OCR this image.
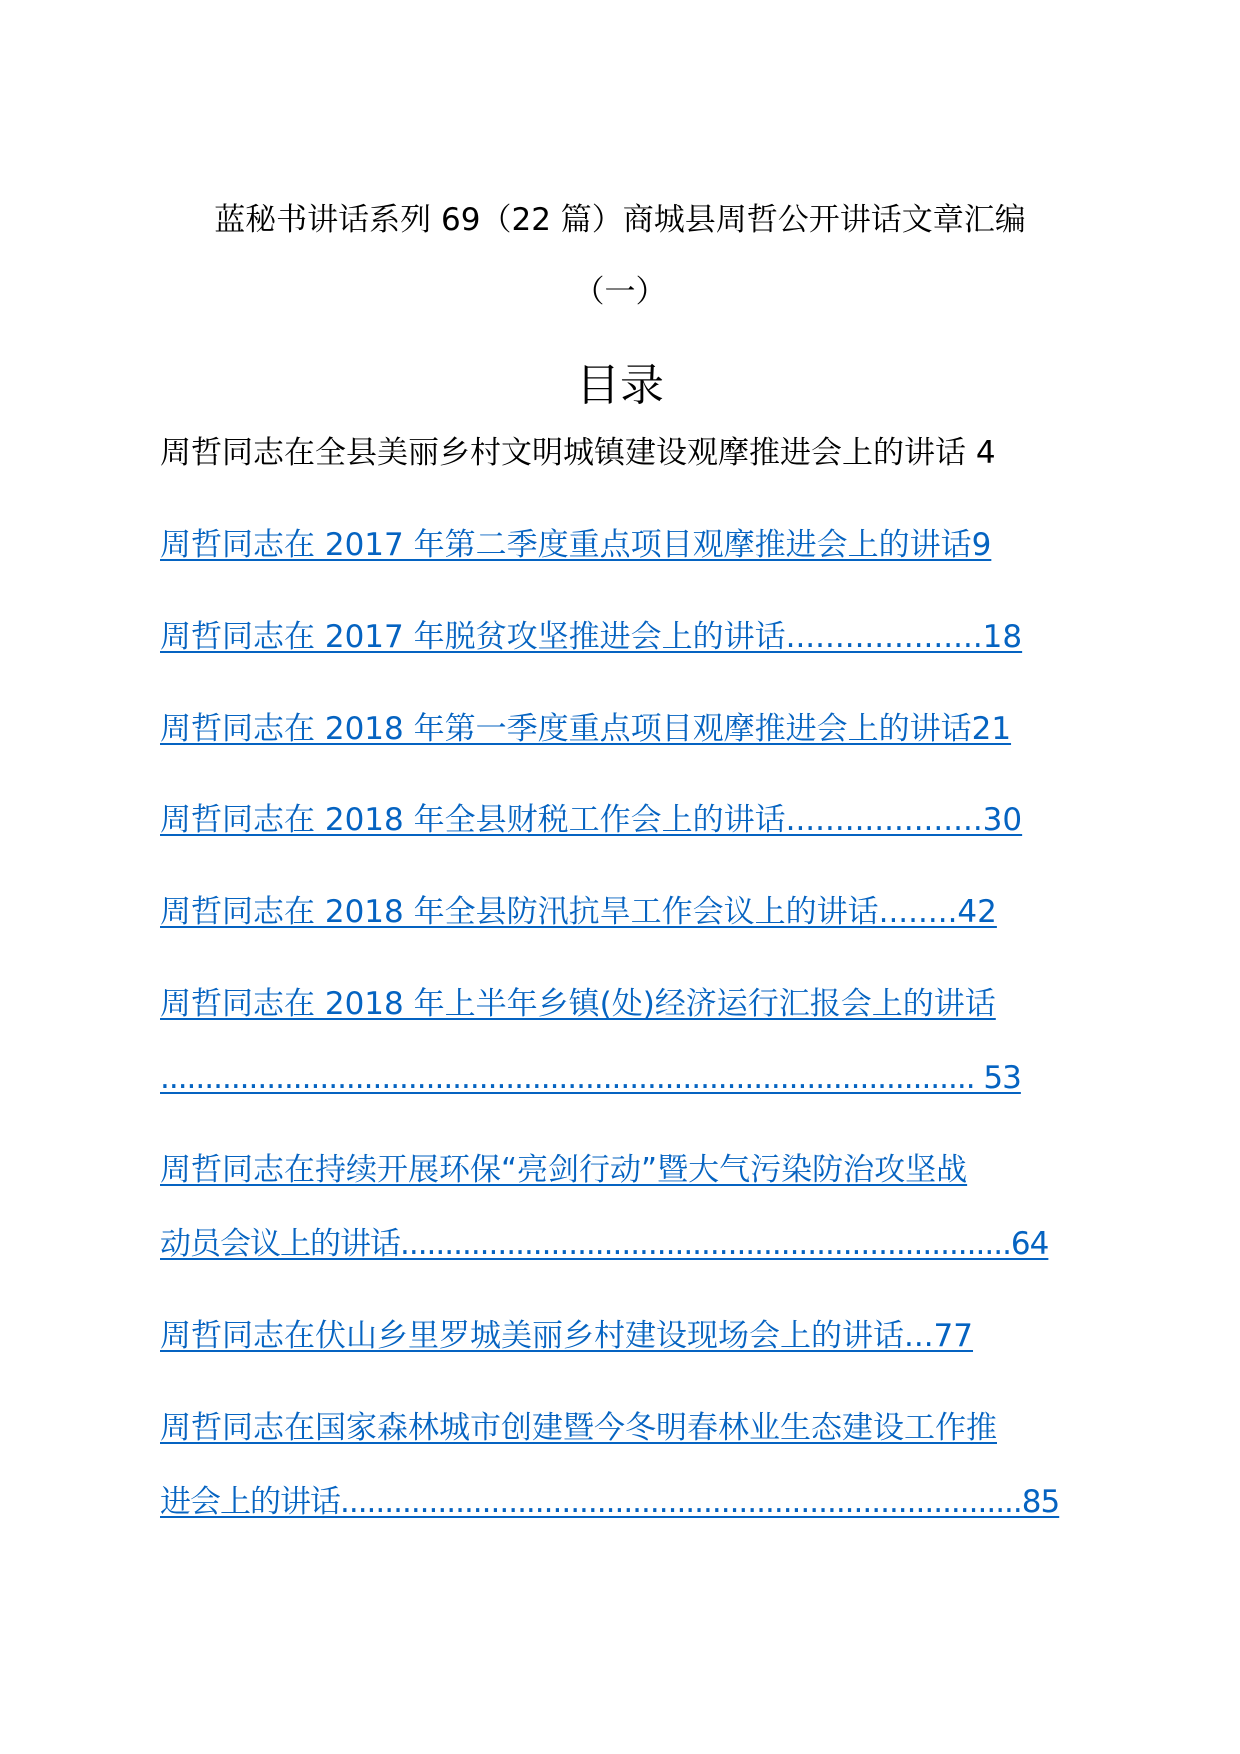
蓝秘书讲话系列 69（22 篇）商城县周哲公开讲话文章汇编
（一）
目录
周哲同志在全县美丽乡村文明城镇建设观摩推进会上的讲话 4
周哲同志在 2017 年第二季度重点项目观摩推进会上的讲话9
周哲同志在 2017 年脱贫攻坚推进会上的讲话....................18
周哲同志在 2018 年第一季度重点项目观摩推进会上的讲话21
周哲同志在 2018 年全县财税工作会上的讲话....................30
周哲同志在 2018 年全县防汛抗旱工作会议上的讲话........42
周哲同志在 2018 年上半年乡镇(处)经济运行汇报会上的讲话
............................................................................................ 53
周哲同志在持续开展环保“亮剑行动”暨大气污染防治攻坚战
动员会议上的讲话.....................................................................64
周哲同志在伏山乡里罗城美丽乡村建设现场会上的讲话...77
周哲同志在国家森林城市创建暨今冬明春林业生态建设工作推
进会上的讲话.............................................................................85
